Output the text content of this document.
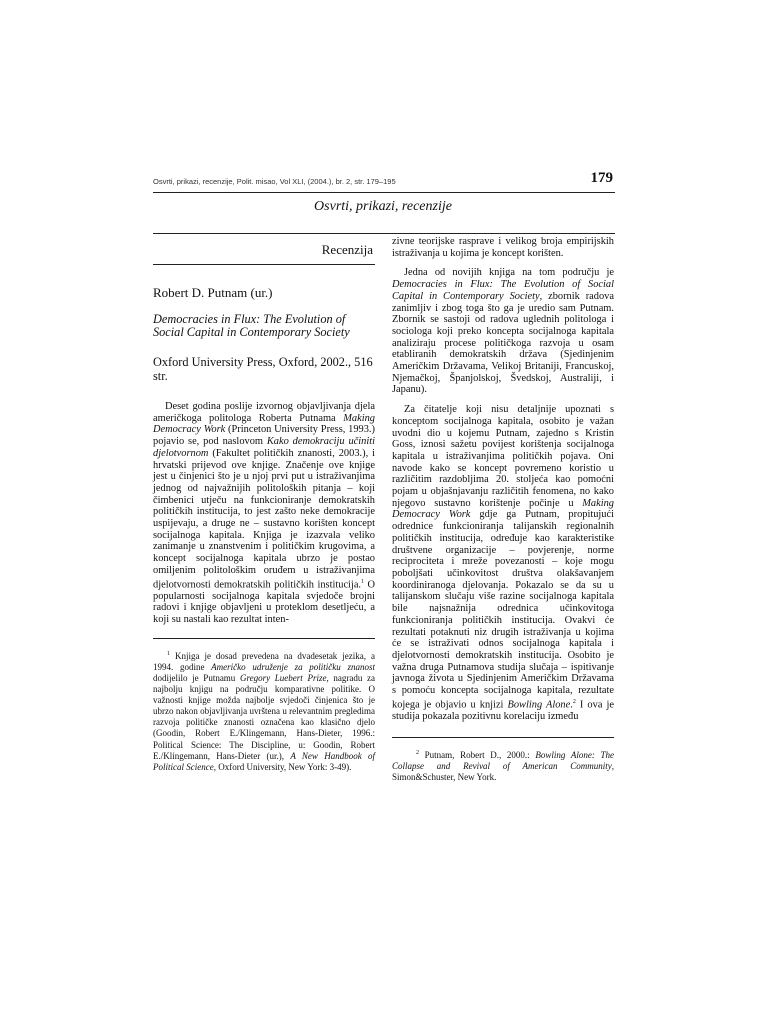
Osvrti, prikazi, recenzije, Polit. misao, Vol XLI, (2004.), br. 2, str. 179–195	179
Osvrti, prikazi, recenzije
Recenzija
Robert D. Putnam (ur.)
Democracies in Flux: The Evolution of Social Capital in Contemporary Society
Oxford University Press, Oxford, 2002., 516 str.

Deset godina poslije izvornog objavljivanja djela američkoga politologa Roberta Putnama Making Democracy Work (Princeton University Press, 1993.) pojavio se, pod naslovom Kako demokraciju učiniti djelotvornom (Fakultet političkih znanosti, 2003.), i hrvatski prijevod ove knjige. Značenje ove knjige jest u činjenici što je u njoj prvi put u istraživanjima jednog od najvažnijih politoloških pitanja – koji čimbenici utječu na funkcioniranje demokratskih političkih institucija, to jest zašto neke demokracije uspijevaju, a druge ne – sustavno korišten koncept socijalnoga kapitala. Knjiga je izazvala veliko zanimanje u znanstvenim i političkim krugovima, a koncept socijalnoga kapitala ubrzo je postao omiljenim politološkim oruđem u istraživanjima djelotvornosti demokratskih političkih institucija.$^1$ O popularnosti socijalnoga kapitala svjedoče brojni radovi i knjige objavljeni u proteklom desetljeću, a koji su nastali kao rezultat inten-

$^1$ Knjiga je dosad prevedena na dvadesetak jezika, a 1994. godine Američko udruženje za političku znanost dodijelilo je Putnamu Gregory Luebert Prize, nagradu za najbolju knjigu na području komparativne politike. O važnosti knjige možda najbolje svjedoči činjenica što je ubrzo nakon objavljivanja uvrštena u relevantnim pregledima razvoja političke znanosti označena kao klasično djelo (Goodin, Robert E./Klingemann, Hans-Dieter, 1996.: Political Science: The Discipline, u: Goodin, Robert E./Klingemann, Hans-Dieter (ur.), A New Handbook of Political Science, Oxford University, New York: 3-49).

zivne teorijske rasprave i velikog broja empirijskih istraživanja u kojima je koncept korišten.

Jedna od novijih knjiga na tom području je Democracies in Flux: The Evolution of Social Capital in Contemporary Society, zbornik radova zanimljiv i zbog toga što ga je uredio sam Putnam. Zbornik se sastoji od radova uglednih politologa i sociologa koji preko koncepta socijalnoga kapitala analiziraju procese političkoga razvoja u osam etabliranih demokratskih država (Sjedinjenim Američkim Državama, Velikoj Britaniji, Francuskoj, Njemačkoj, Španjolskoj, Švedskoj, Australiji, i Japanu).

Za čitatelje koji nisu detaljnije upoznati s konceptom socijalnoga kapitala, osobito je važan uvodni dio u kojemu Putnam, zajedno s Kristin Goss, iznosi sažetu povijest korištenja socijalnoga kapitala u istraživanjima političkih pojava. Oni navode kako se koncept povremeno koristio u različitim razdobljima 20. stoljeća kao pomoćni pojam u objašnjavanju različitih fenomena, no kako njegovo sustavno korištenje počinje u Making Democracy Work gdje ga Putnam, propitujući odrednice funkcioniranja talijanskih regionalnih političkih institucija, određuje kao karakteristike društvene organizacije – povjerenje, norme reciprociteta i mreže povezanosti – koje mogu poboljšati učinkovitost društva olakšavanjem koordiniranoga djelovanja. Pokazalo se da su u talijanskom slučaju više razine socijalnoga kapitala bile najsnažnija odrednica učinkovitoga funkcioniranja političkih institucija. Ovakvi će rezultati potaknuti niz drugih istraživanja u kojima će se istraživati odnos socijalnoga kapitala i djelotvornosti demokratskih institucija. Osobito je važna druga Putnamova studija slučaja – ispitivanje javnoga života u Sjedinjenim Američkim Državama s pomoću koncepta socijalnoga kapitala, rezultate kojega je objavio u knjizi Bowling Alone.$^2$ I ova je studija pokazala pozitivnu korelaciju između

$^2$ Putnam, Robert D., 2000.: Bowling Alone: The Collapse and Revival of American Community, Simon&Schuster, New York.
